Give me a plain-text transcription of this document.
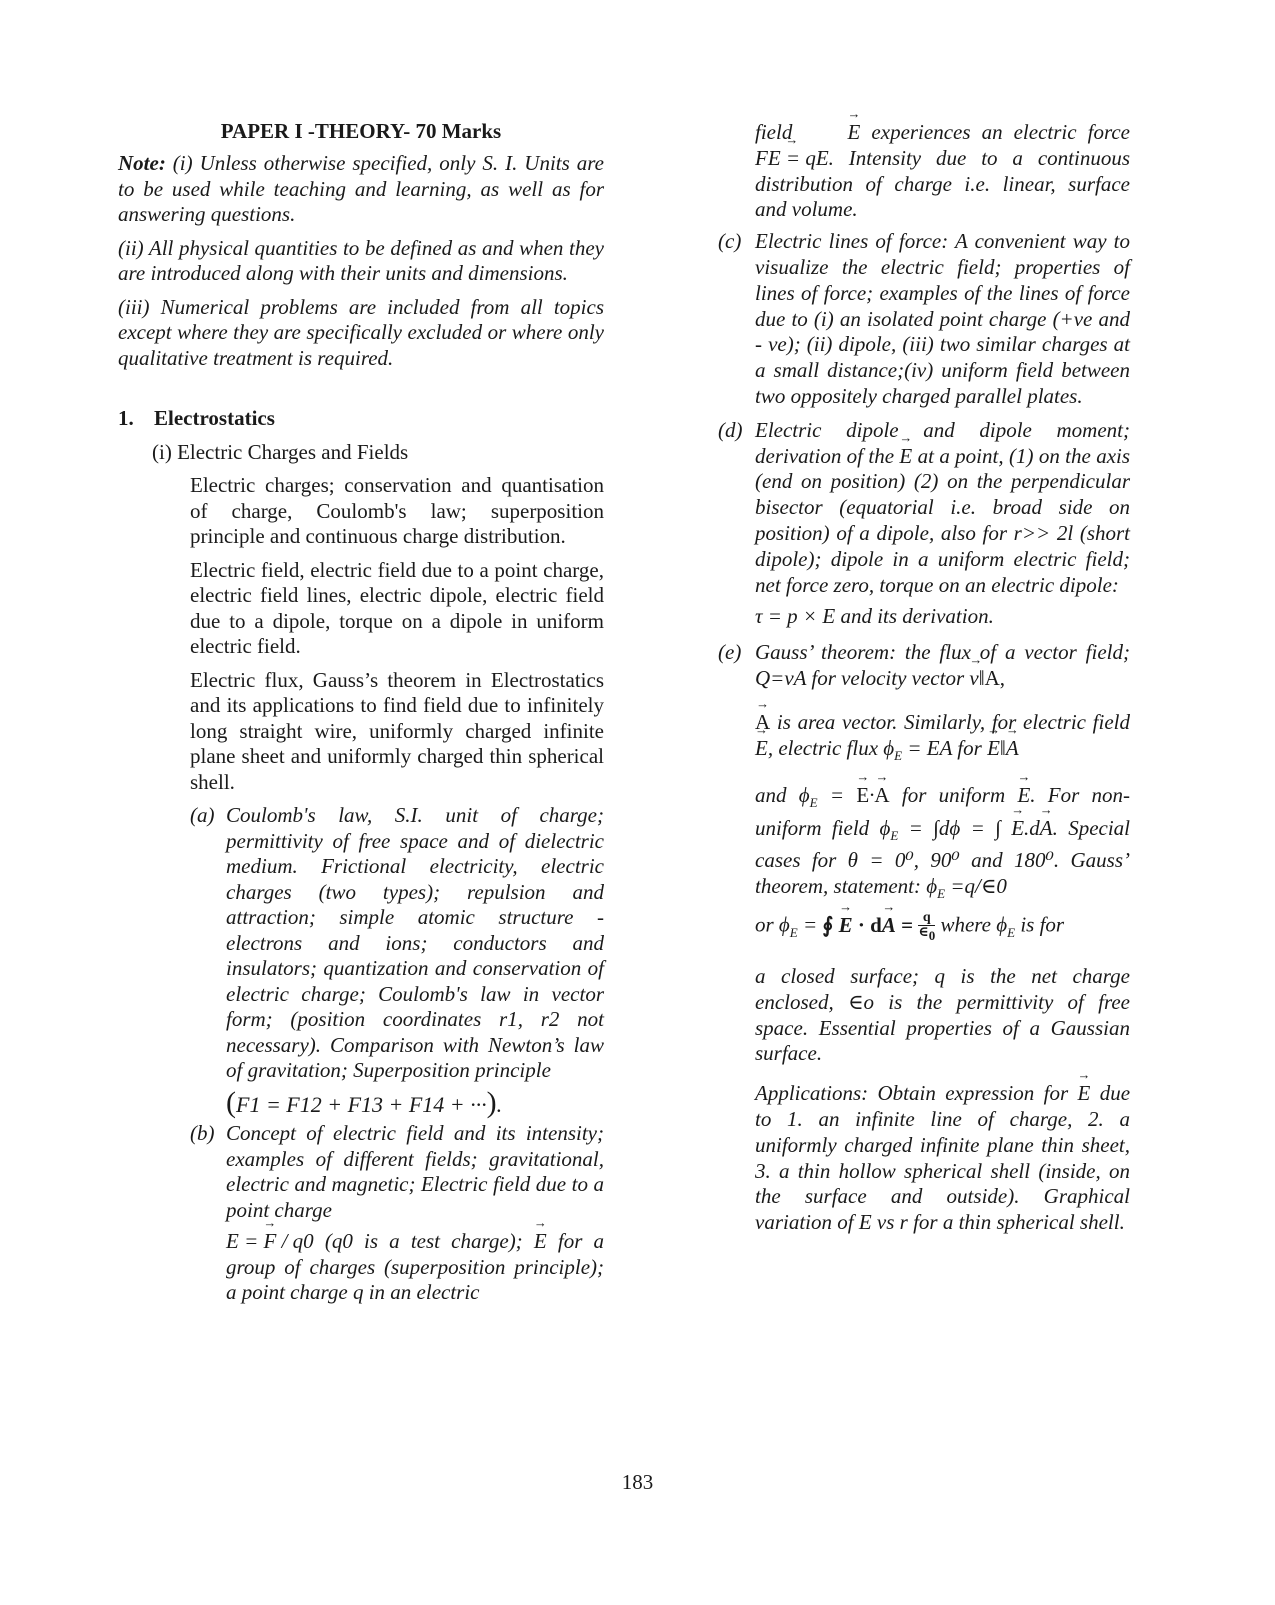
PAPER I -THEORY- 70 Marks

Note: (i) Unless otherwise specified, only S. I. Units are to be used while teaching and learning, as well as for answering questions.

(ii) All physical quantities to be defined as and when they are introduced along with their units and dimensions.

(iii) Numerical problems are included from all topics except where they are specifically excluded or where only qualitative treatment is required.

1. Electrostatics

(i) Electric Charges and Fields

Electric charges; conservation and quantisation of charge, Coulomb's law; superposition principle and continuous charge distribution.

Electric field, electric field due to a point charge, electric field lines, electric dipole, electric field due to a dipole, torque on a dipole in uniform electric field.

Electric flux, Gauss’s theorem in Electrostatics and its applications to find field due to infinitely long straight wire, uniformly charged infinite plane sheet and uniformly charged thin spherical shell.

(a) Coulomb's law, S.I. unit of charge; permittivity of free space and of dielectric medium. Frictional electricity, electric charges (two types); repulsion and attraction; simple atomic structure - electrons and ions; conductors and insulators; quantization and conservation of electric charge; Coulomb's law in vector form; (position coordinates r1, r2 not necessary). Comparison with Newton’s law of gravitation; Superposition principle
(F1 = F12 + F13 + F14 + ···).
(b) Concept of electric field and its intensity; examples of different fields; gravitational, electric and magnetic; Electric field due to a point charge
→ E = F / q0 (q0 is a test charge); → E for a group of charges (superposition principle); a point charge q in an electric

field	→ E experiences an electric force → FE = qE. Intensity due to a continuous distribution of charge i.e. linear, surface and volume.

(c) Electric lines of force: A convenient way to visualize the electric field; properties of lines of force; examples of the lines of force due to (i) an isolated point charge (+ve and - ve); (ii) dipole, (iii) two similar charges at a small distance;(iv) uniform field between two oppositely charged parallel plates.
(d) Electric dipole and dipole moment; derivation of the → E at a point, (1) on the axis (end on position) (2) on the perpendicular bisector (equatorial i.e. broad side on position) of a dipole, also for r>> 2l (short dipole); dipole in a uniform electric field; net force zero, torque on an electric dipole:
τ = p × E and its derivation.
(e) Gauss’ theorem: the flux of a vector field; Q=vA for velocity vector → v‖A,
→ A is area vector. Similarly, for electric field → E, electric flux $\phi_E$ = EA for → E‖→ A
and $\phi_E$ = → E·→ A for uniform → E. For non-uniform field $\phi_E = \int d\phi$ = ∫ → E.d→ A. Special cases for θ = 0⁰, 90⁰ and 180⁰. Gauss’ theorem, statement: $\phi_E$ =q/∈0
or $\phi_E$ = ∮ → $E \cdot d\to A = \frac{q}{\in_0}$ where $\phi_E$ is for

a closed surface; q is the net charge enclosed, ∈o is the permittivity of free space. Essential properties of a Gaussian surface.

Applications: Obtain expression for → E due to 1. an infinite line of charge, 2. a uniformly charged infinite plane thin sheet, 3. a thin hollow spherical shell (inside, on the surface and outside). Graphical variation of E vs r for a thin spherical shell.
183
